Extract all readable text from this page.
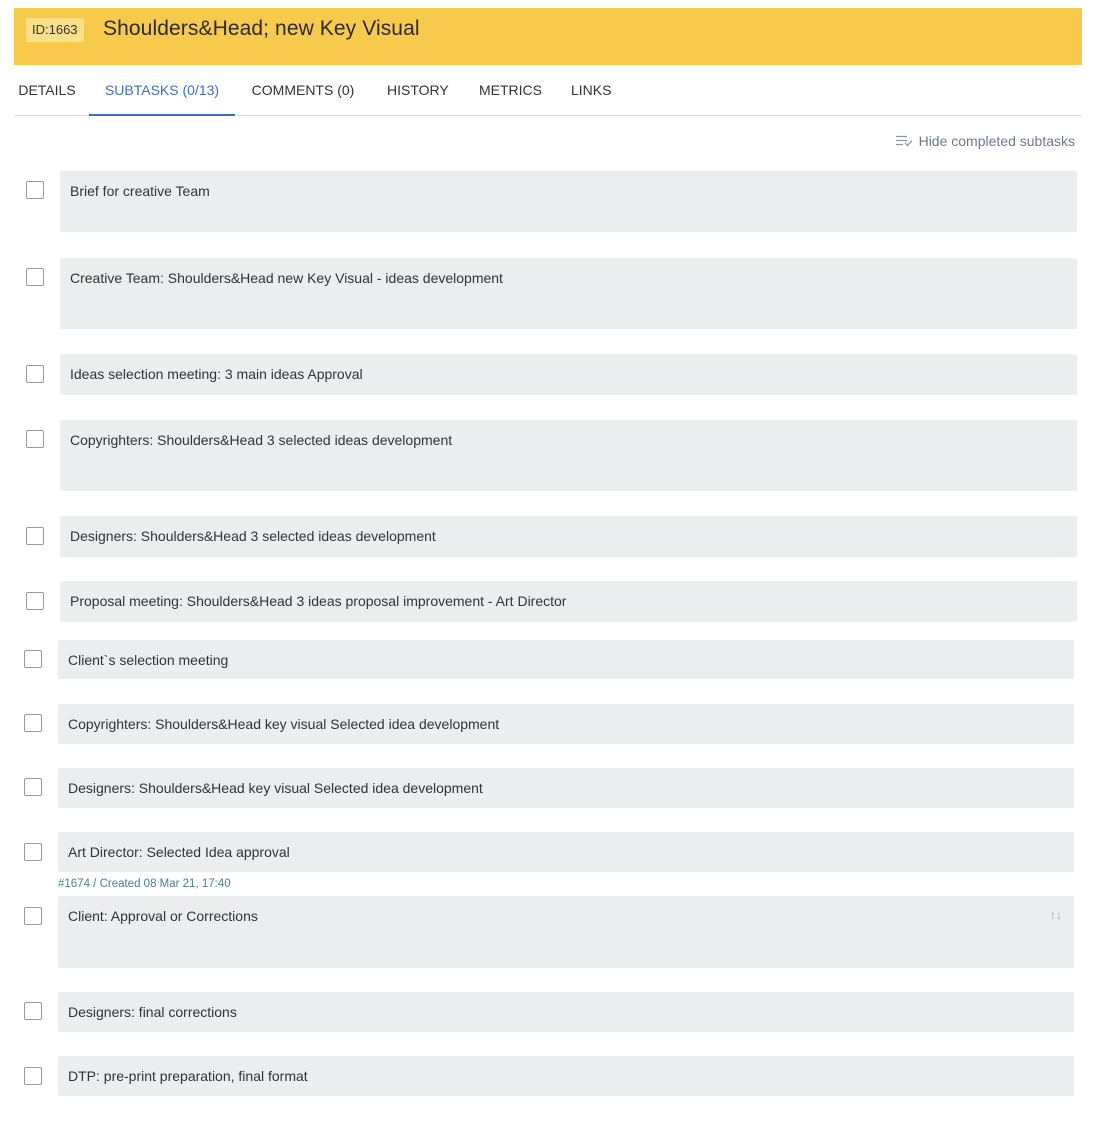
ID:1663 Shoulders&Head; new Key Visual
DETAILS	SUBTASKS (0/13)	COMMENTS (0) HISTORY METRICS LINKS
Hide completed subtasks
Brief for creative Team
Creative Team: Shoulders&Head new Key Visual - ideas development
Ideas selection meeting: 3 main ideas Approval
Copyrighters: Shoulders&Head 3 selected ideas development
Designers: Shoulders&Head 3 selected ideas development
Proposal meeting: Shoulders&Head 3 ideas proposal improvement - Art Director
Client`s selection meeting
Copyrighters: Shoulders&Head key visual Selected idea development
Designers: Shoulders&Head key visual Selected idea development
Art Director: Selected Idea approval
#1674 / Created 08 Mar 21, 17:40
Client: Approval or Corrections	↑↓
Designers: final corrections
DTP: pre-print preparation, final format
